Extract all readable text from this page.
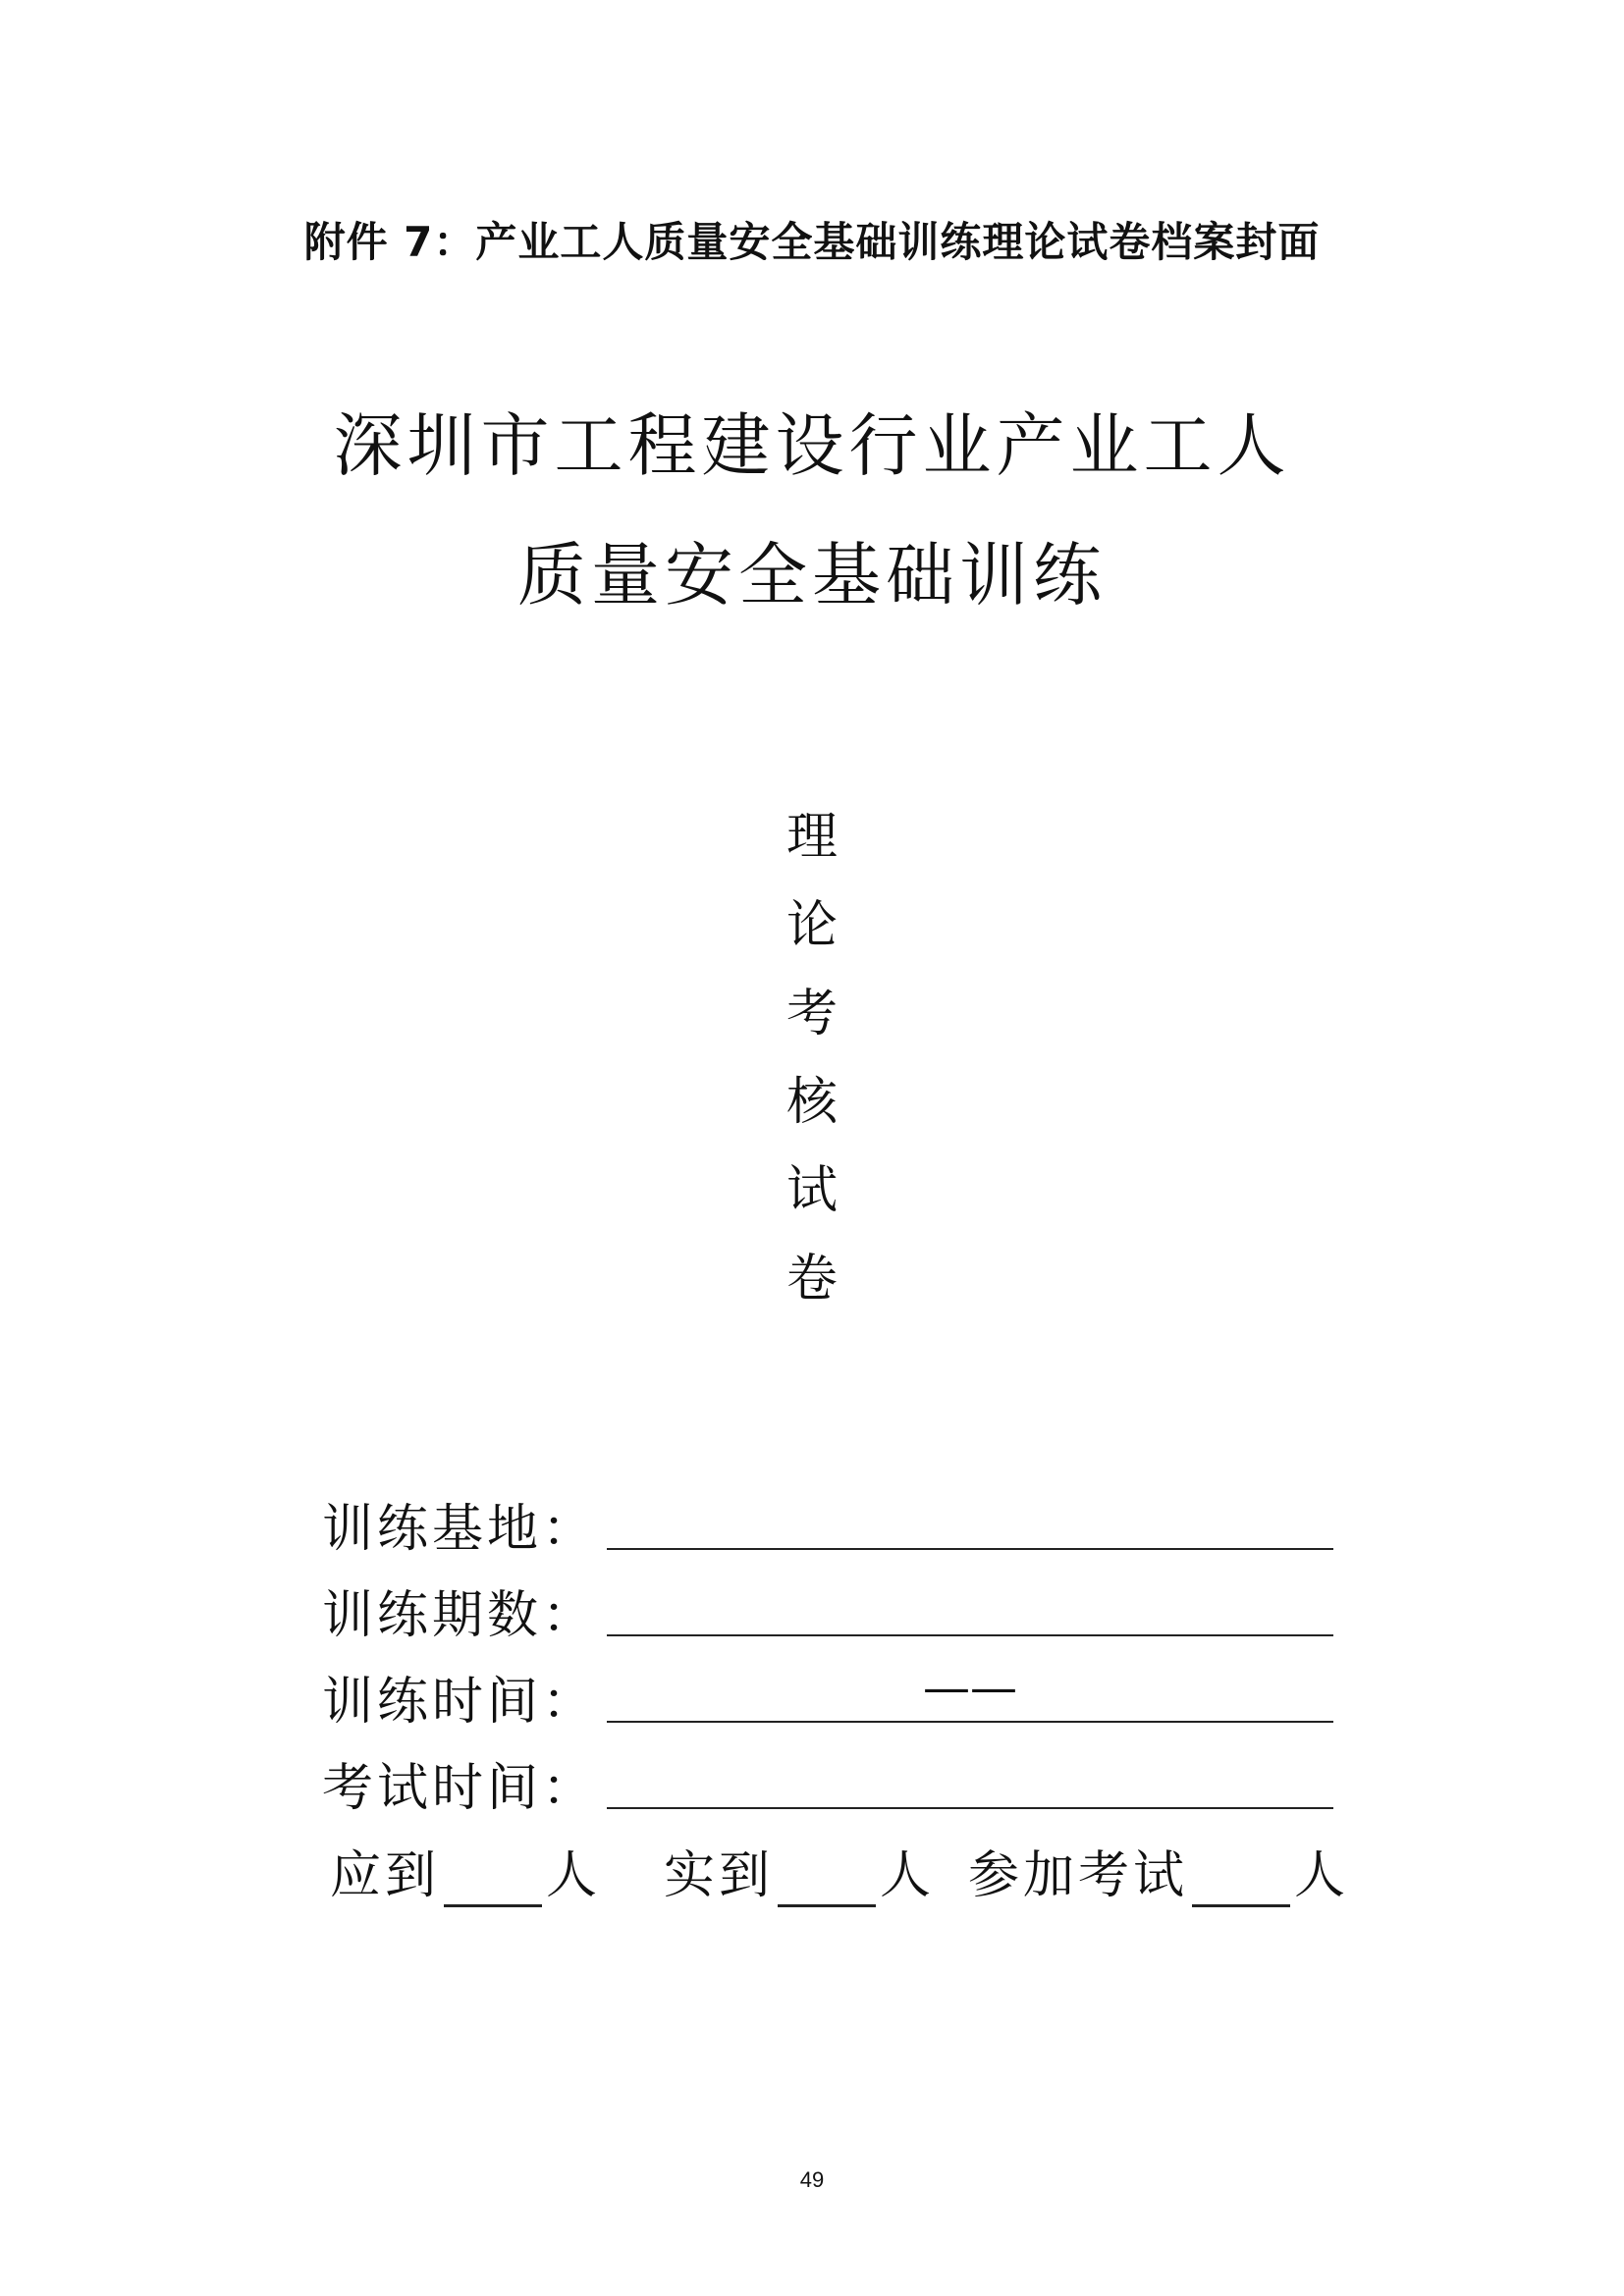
附件 7：产业工人质量安全基础训练理论试卷档案封面
深圳市工程建设行业产业工人
质量安全基础训练
理
论
考
核
试
卷
训练基地：
训练期数：
训练时间：	——
考试时间：
应到 人 实到 人 参加考试 人
49
